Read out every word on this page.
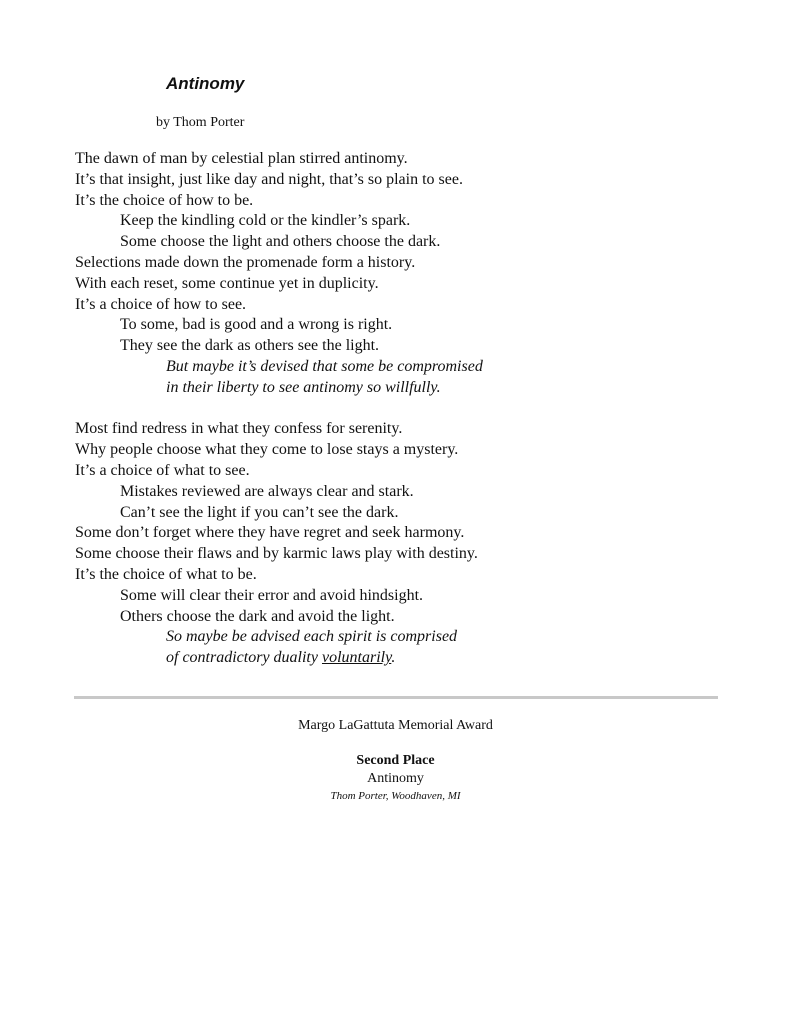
Antinomy
by Thom Porter
The dawn of man by celestial plan stirred antinomy.
It’s that insight, just like day and night, that’s so plain to see.
It’s the choice of how to be.
Keep the kindling cold or the kindler’s spark.
Some choose the light and others choose the dark.
Selections made down the promenade form a history.
With each reset, some continue yet in duplicity.
It’s a choice of how to see.
To some, bad is good and a wrong is right.
They see the dark as others see the light.
But maybe it’s devised that some be compromised
in their liberty to see antinomy so willfully.
Most find redress in what they confess for serenity.
Why people choose what they come to lose stays a mystery.
It’s a choice of what to see.
Mistakes reviewed are always clear and stark.
Can’t see the light if you can’t see the dark.
Some don’t forget where they have regret and seek harmony.
Some choose their flaws and by karmic laws play with destiny.
It’s the choice of what to be.
Some will clear their error and avoid hindsight.
Others choose the dark and avoid the light.
So maybe be advised each spirit is comprised
of contradictory duality voluntarily.
Margo LaGattuta Memorial Award
Second Place
Antinomy
Thom Porter, Woodhaven, MI
